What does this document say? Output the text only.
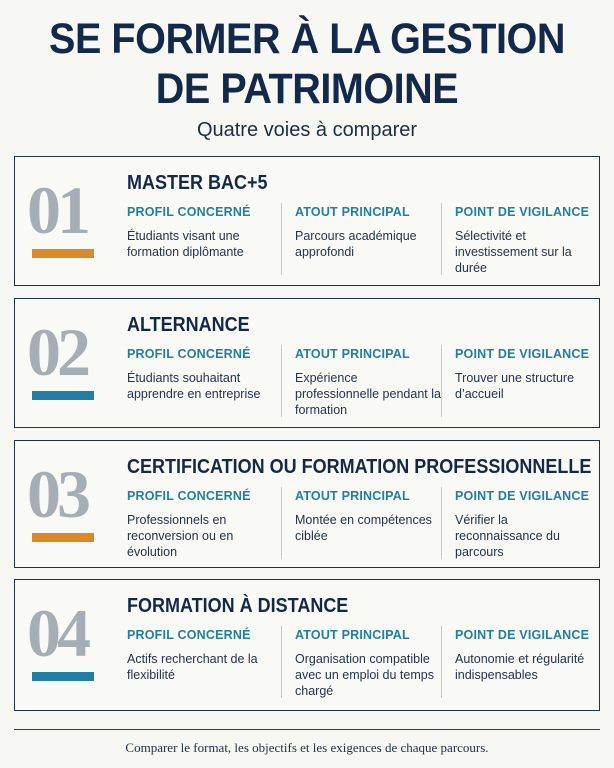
SE FORMER À LA GESTION
DE PATRIMOINE
Quatre voies à comparer
01	MASTER BAC+5
PROFIL CONCERNÉ
Étudiants visant une formation diplômante
ATOUT PRINCIPAL
Parcours académique approfondi
POINT DE VIGILANCE
Sélectivité et investissement sur la durée
02	ALTERNANCE
PROFIL CONCERNÉ
Étudiants souhaitant apprendre en entreprise
ATOUT PRINCIPAL
Expérience professionnelle pendant la formation
POINT DE VIGILANCE
Trouver une structure d’accueil
03	CERTIFICATION OU FORMATION PROFESSIONNELLE
PROFIL CONCERNÉ
Professionnels en reconversion ou en évolution
ATOUT PRINCIPAL
Montée en compétences ciblée
POINT DE VIGILANCE
Vérifier la reconnaissance du parcours
04	FORMATION À DISTANCE
PROFIL CONCERNÉ
Actifs recherchant de la flexibilité
ATOUT PRINCIPAL
Organisation compatible avec un emploi du temps chargé
POINT DE VIGILANCE
Autonomie et régularité indispensables
Comparer le format, les objectifs et les exigences de chaque parcours.
